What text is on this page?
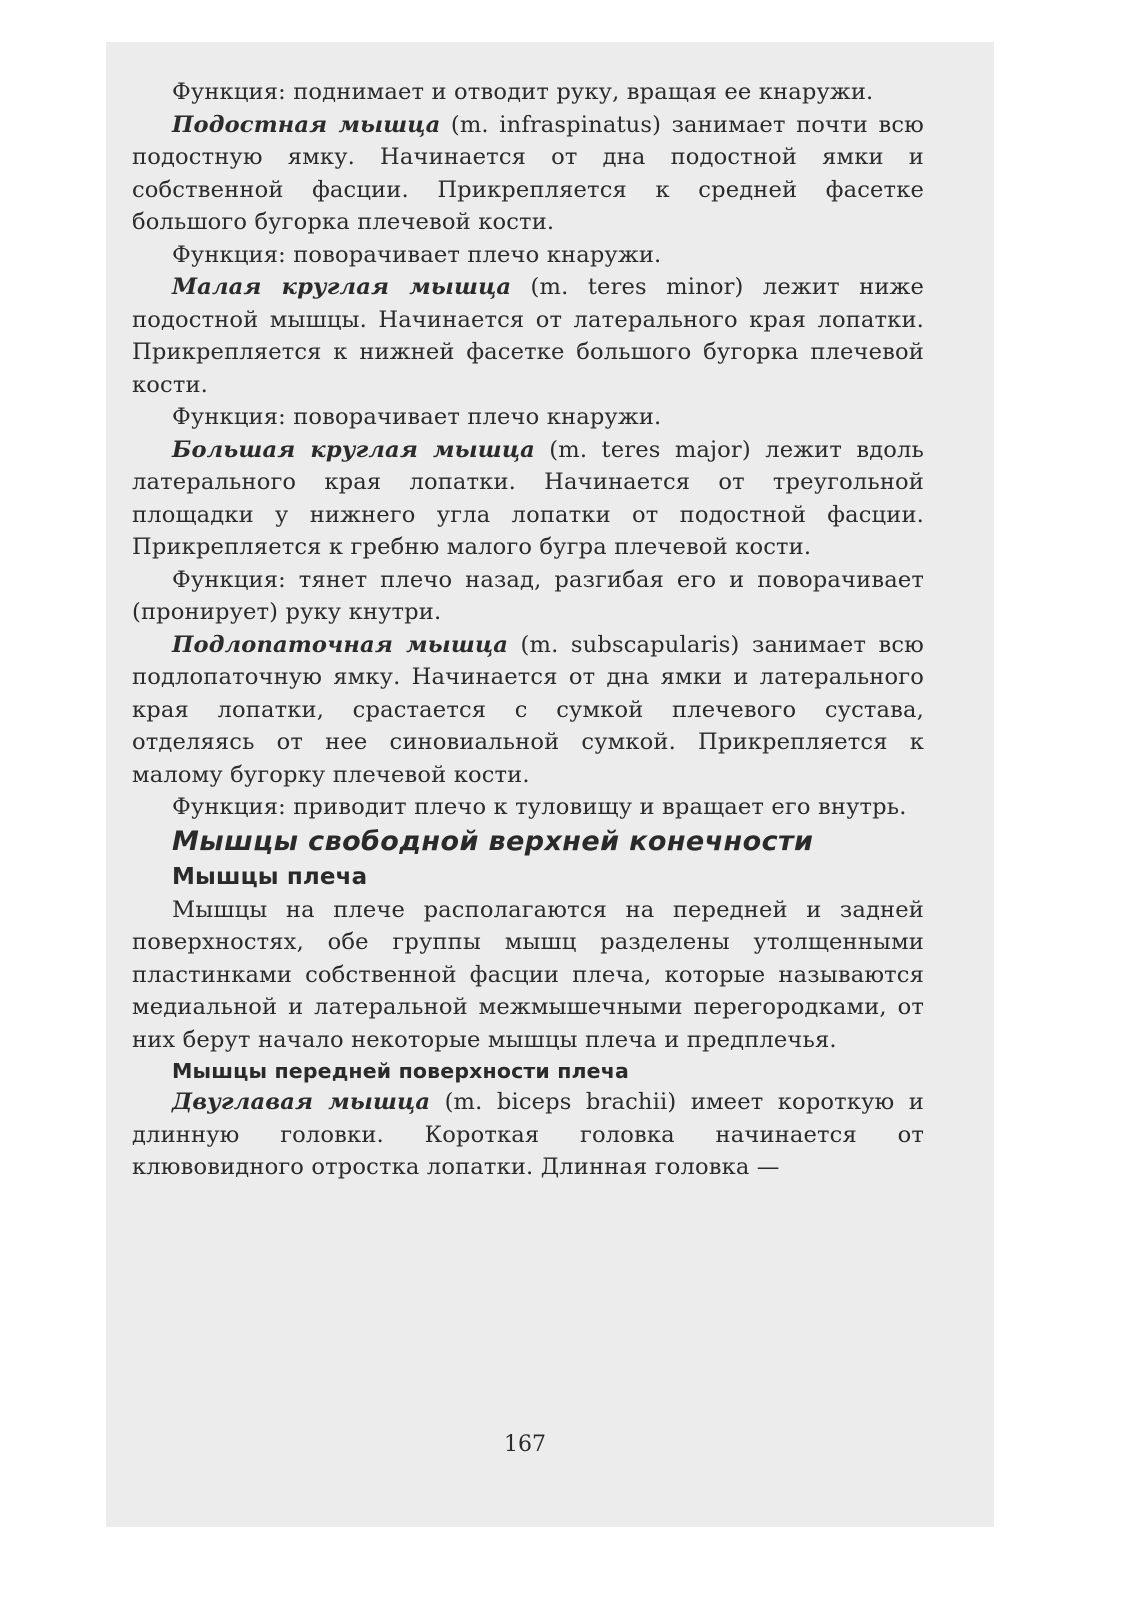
Функция: поднимает и отводит руку, вращая ее кнаружи.

Подостная мышца (m. infraspinatus) занимает почти всю подостную ямку. Начинается от дна подостной ямки и собственной фасции. Прикрепляется к средней фасетке большого бугорка плечевой кости.

Функция: поворачивает плечо кнаружи.

Малая круглая мышца (m. teres minor) лежит ниже подостной мышцы. Начинается от латерального края лопатки. Прикрепляется к нижней фасетке большого бугорка плечевой кости.

Функция: поворачивает плечо кнаружи.

Большая круглая мышца (m. teres major) лежит вдоль латерального края лопатки. Начинается от треугольной площадки у нижнего угла лопатки от подостной фасции. Прикрепляется к гребню малого бугра плечевой кости.

Функция: тянет плечо назад, разгибая его и поворачивает (пронирует) руку кнутри.

Подлопаточная мышца (m. subscapularis) занимает всю подлопаточную ямку. Начинается от дна ямки и латерального края лопатки, срастается с сумкой плечевого сустава, отделяясь от нее синовиальной сумкой. Прикрепляется к малому бугорку плечевой кости.

Функция: приводит плечо к туловищу и вращает его внутрь.

Мышцы свободной верхней конечности

Мышцы плеча

Мышцы на плече располагаются на передней и задней поверхностях, обе группы мышц разделены утолщенными пластинками собственной фасции плеча, которые называются медиальной и латеральной межмышечными перегородками, от них берут начало некоторые мышцы плеча и предплечья.

Мышцы передней поверхности плеча

Двуглавая мышца (m. biceps brachii) имеет короткую и длинную головки. Короткая головка начинается от клювовидного отростка лопатки. Длинная головка —

167
